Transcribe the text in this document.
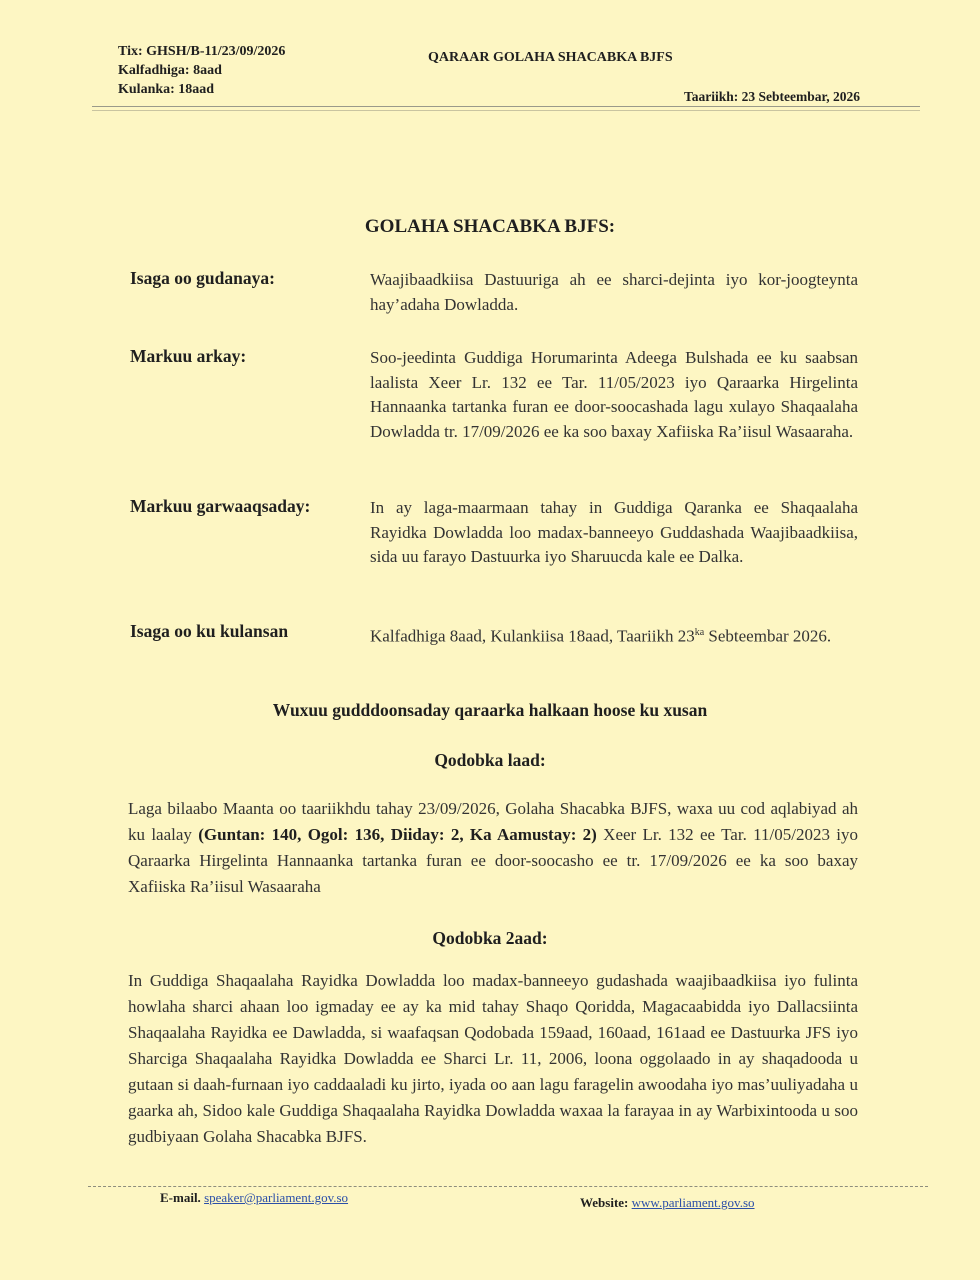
Tix: GHSH/B-11/23/09/2026
Kalfadhiga: 8aad
Kulanka: 18aad
QARAAR GOLAHA SHACABKA BJFS
Taariikh: 23 Sebteembar, 2026
GOLAHA SHACABKA BJFS:
Isaga oo gudanaya:	Waajibaadkiisa Dastuuriga ah ee sharci-dejinta iyo kor-joogteynta hay’adaha Dowladda.
Markuu arkay:	Soo-jeedinta Guddiga Horumarinta Adeega Bulshada ee ku saabsan laalista Xeer Lr. 132 ee Tar. 11/05/2023 iyo Qaraarka Hirgelinta Hannaanka tartanka furan ee door-soocashada lagu xulayo Shaqaalaha Dowladda tr. 17/09/2026 ee ka soo baxay Xafiiska Ra’iisul Wasaaraha.
Markuu garwaaqsaday:	In ay laga-maarmaan tahay in Guddiga Qaranka ee Shaqaalaha Rayidka Dowladda loo madax-banneeyo Guddashada Waajibaadkiisa, sida uu farayo Dastuurka iyo Sharuucda kale ee Dalka.
Isaga oo ku kulansan	Kalfadhiga 8aad, Kulankiisa 18aad, Taariikh $23^{ka}$ Sebteembar 2026.
Wuxuu gudddoonsaday qaraarka halkaan hoose ku xusan
Qodobka laad:
Laga bilaabo Maanta oo taariikhdu tahay 23/09/2026, Golaha Shacabka BJFS, waxa uu cod aqlabiyad ah ku laalay (Guntan: 140, Ogol: 136, Diiday: 2, Ka Aamustay: 2) Xeer Lr. 132 ee Tar. 11/05/2023 iyo Qaraarka Hirgelinta Hannaanka tartanka furan ee door-soocasho ee tr. 17/09/2026 ee ka soo baxay Xafiiska Ra’iisul Wasaaraha
Qodobka 2aad:
In Guddiga Shaqaalaha Rayidka Dowladda loo madax-banneeyo gudashada waajibaadkiisa iyo fulinta howlaha sharci ahaan loo igmaday ee ay ka mid tahay Shaqo Qoridda, Magacaabidda iyo Dallacsiinta Shaqaalaha Rayidka ee Dawladda, si waafaqsan Qodobada 159aad, 160aad, 161aad ee Dastuurka JFS iyo Sharciga Shaqaalaha Rayidka Dowladda ee Sharci Lr. 11, 2006, loona oggolaado in ay shaqadooda u gutaan si daah-furnaan iyo caddaaladi ku jirto, iyada oo aan lagu faragelin awoodaha iyo mas’uuliyadaha u gaarka ah, Sidoo kale Guddiga Shaqaalaha Rayidka Dowladda waxaa la farayaa in ay Warbixintooda u soo gudbiyaan Golaha Shacabka BJFS.
E-mail. speaker@parliament.gov.so	Website: www.parliament.gov.so
